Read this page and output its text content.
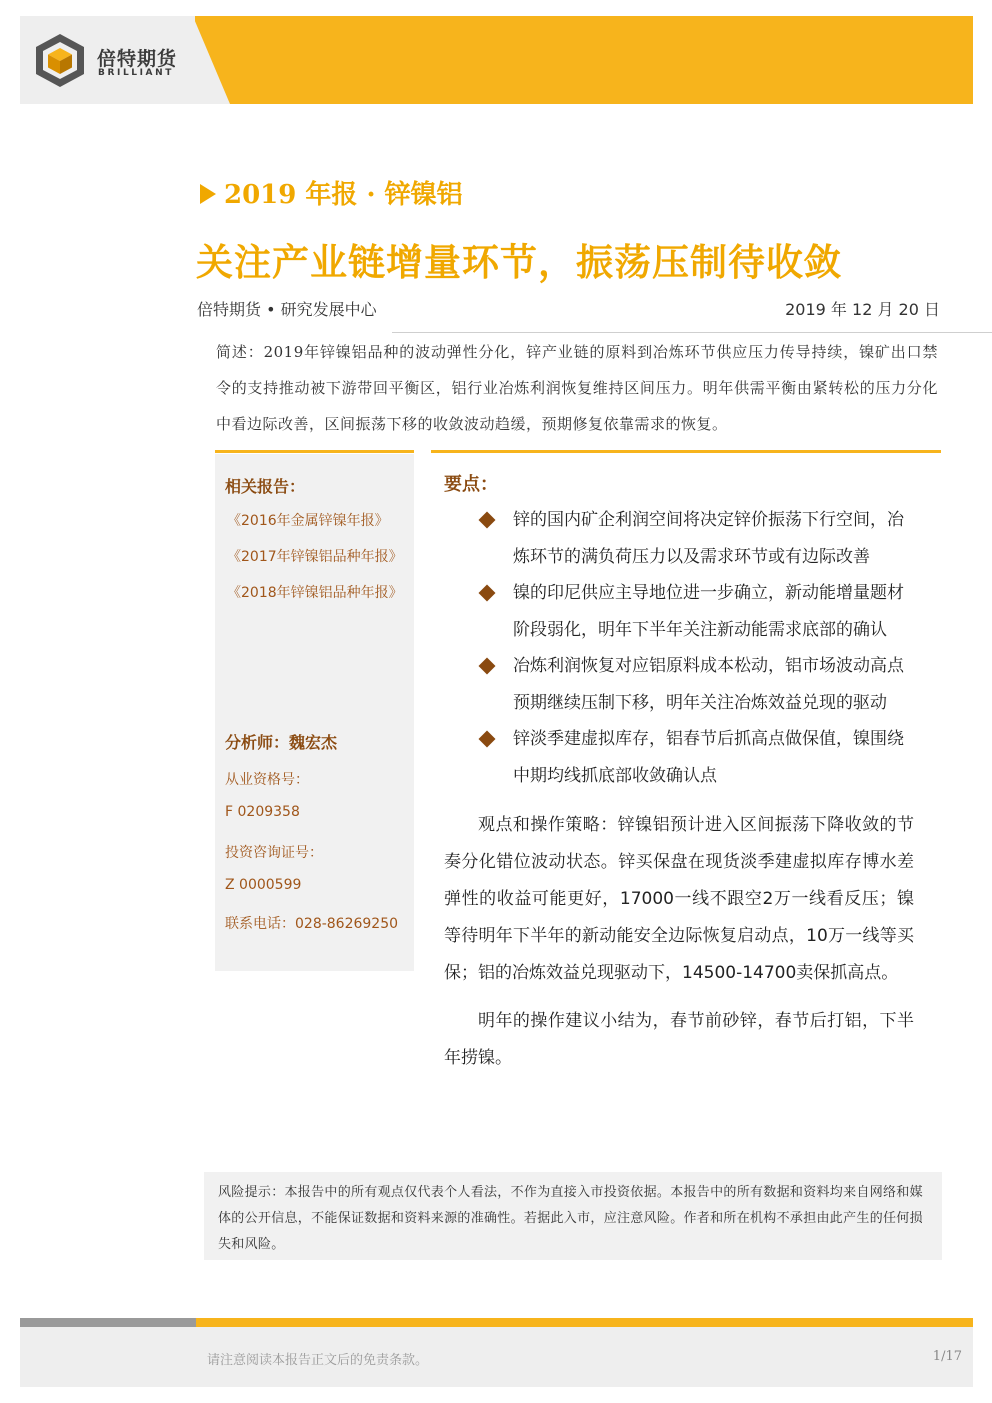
倍特期货
BRILLIANT
2019 年报 · 锌镍铝
关注产业链增量环节，振荡压制待收敛
倍特期货 • 研究发展中心	2019 年 12 月 20 日
简述：2019年锌镍铝品种的波动弹性分化，锌产业链的原料到冶炼环节供应压力传导持续，镍矿出口禁令的支持推动被下游带回平衡区，铝行业冶炼利润恢复维持区间压力。明年供需平衡由紧转松的压力分化中看边际改善，区间振荡下移的收敛波动趋缓，预期修复依靠需求的恢复。
相关报告：
《2016年金属锌镍年报》
《2017年锌镍铝品种年报》
《2018年锌镍铝品种年报》
分析师：魏宏杰
从业资格号：
F 0209358
投资咨询证号：
Z 0000599
联系电话：028-86269250
要点：
锌的国内矿企利润空间将决定锌价振荡下行空间，冶炼环节的满负荷压力以及需求环节或有边际改善
镍的印尼供应主导地位进一步确立，新动能增量题材阶段弱化，明年下半年关注新动能需求底部的确认
冶炼利润恢复对应铝原料成本松动，铝市场波动高点预期继续压制下移，明年关注冶炼效益兑现的驱动
锌淡季建虚拟库存，铝春节后抓高点做保值，镍围绕中期均线抓底部收敛确认点
观点和操作策略：锌镍铝预计进入区间振荡下降收敛的节奏分化错位波动状态。锌买保盘在现货淡季建虚拟库存博水差弹性的收益可能更好，17000一线不跟空2万一线看反压；镍等待明年下半年的新动能安全边际恢复启动点，10万一线等买保；铝的冶炼效益兑现驱动下，14500-14700卖保抓高点。
明年的操作建议小结为，春节前砂锌，春节后打铝，下半年捞镍。
风险提示：本报告中的所有观点仅代表个人看法，不作为直接入市投资依据。本报告中的所有数据和资料均来自网络和媒体的公开信息，不能保证数据和资料来源的准确性。若据此入市，应注意风险。作者和所在机构不承担由此产生的任何损失和风险。
请注意阅读本报告正文后的免责条款。	1/17
